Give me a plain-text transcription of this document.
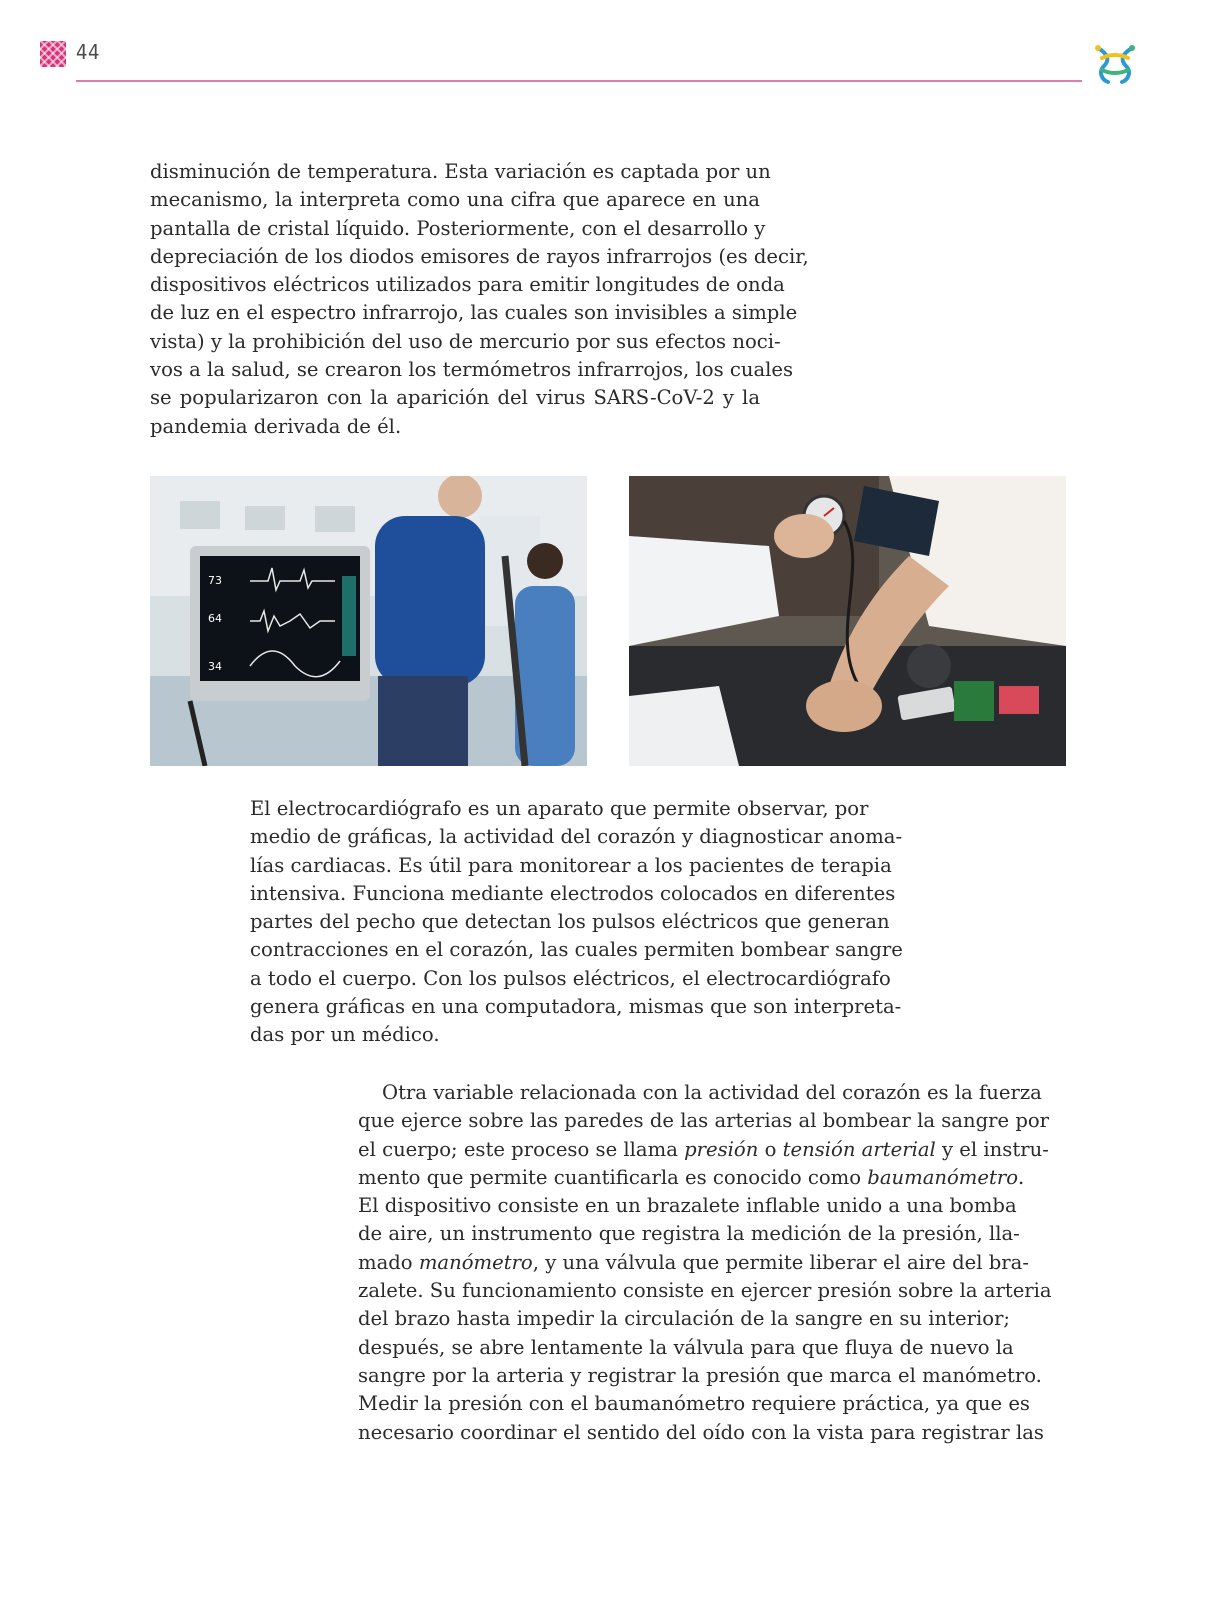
44
disminución de temperatura. Esta variación es captada por un
mecanismo, la interpreta como una cifra que aparece en una
pantalla de cristal líquido. Posteriormente, con el desarrollo y
depreciación de los diodos emisores de rayos infrarrojos (es decir,
dispositivos eléctricos utilizados para emitir longitudes de onda
de luz en el espectro infrarrojo, las cuales son invisibles a simple
vista) y la prohibición del uso de mercurio por sus efectos noci-
vos a la salud, se crearon los termómetros infrarrojos, los cuales
se popularizaron con la aparición del virus SARS-CoV-2 y la
pandemia derivada de él.
73
64
34
El electrocardiógrafo es un aparato que permite observar, por
medio de gráficas, la actividad del corazón y diagnosticar anoma-
lías cardiacas. Es útil para monitorear a los pacientes de terapia
intensiva. Funciona mediante electrodos colocados en diferentes
partes del pecho que detectan los pulsos eléctricos que generan
contracciones en el corazón, las cuales permiten bombear sangre
a todo el cuerpo. Con los pulsos eléctricos, el electrocardiógrafo
genera gráficas en una computadora, mismas que son interpreta-
das por un médico.
Otra variable relacionada con la actividad del corazón es la fuerza
que ejerce sobre las paredes de las arterias al bombear la sangre por
el cuerpo; este proceso se llama presión o tensión arterial y el instru-
mento que permite cuantificarla es conocido como baumanómetro.
El dispositivo consiste en un brazalete inflable unido a una bomba
de aire, un instrumento que registra la medición de la presión, lla-
mado manómetro, y una válvula que permite liberar el aire del bra-
zalete. Su funcionamiento consiste en ejercer presión sobre la arteria
del brazo hasta impedir la circulación de la sangre en su interior;
después, se abre lentamente la válvula para que fluya de nuevo la
sangre por la arteria y registrar la presión que marca el manómetro.
Medir la presión con el baumanómetro requiere práctica, ya que es
necesario coordinar el sentido del oído con la vista para registrar las
